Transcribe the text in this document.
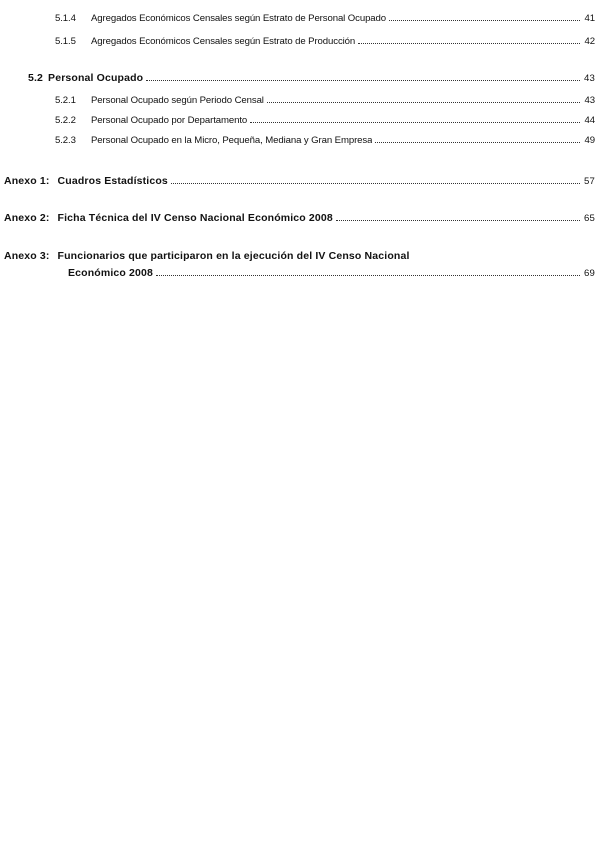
5.1.4	Agregados Económicos Censales según Estrato de Personal Ocupado	41
5.1.5	Agregados Económicos Censales según Estrato de Producción	42
5.2 Personal Ocupado	43
5.2.1	Personal Ocupado según Periodo Censal	43
5.2.2	Personal Ocupado por Departamento	44
5.2.3	Personal Ocupado en la Micro, Pequeña, Mediana y Gran Empresa	49
Anexo 1: Cuadros Estadísticos	57
Anexo 2: Ficha Técnica del IV Censo Nacional Económico 2008	65
Anexo 3: Funcionarios que participaron en la ejecución del IV Censo Nacional
Económico 2008	69
